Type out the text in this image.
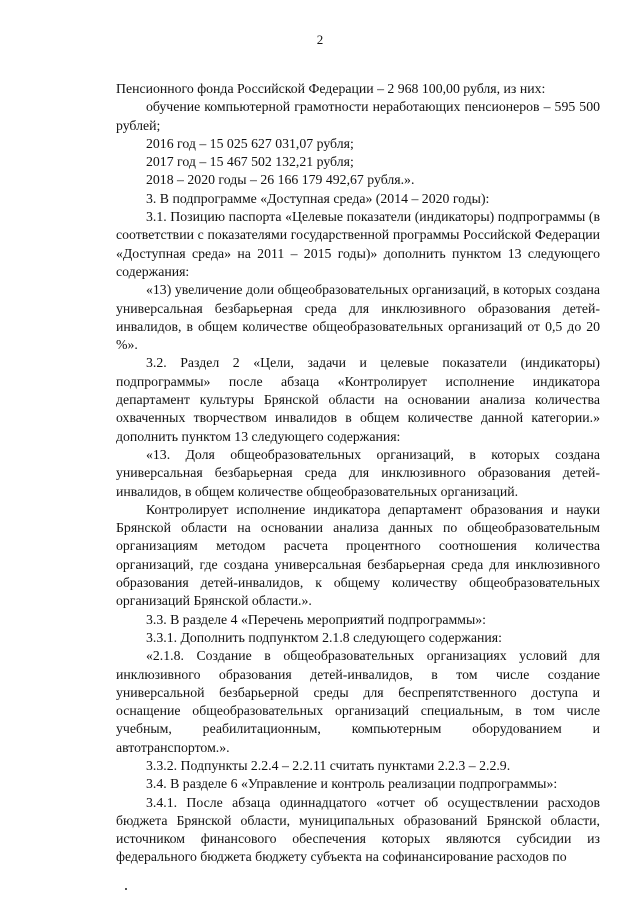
2

Пенсионного фонда Российской Федерации – 2 968 100,00 рубля, из них:

обучение компьютерной грамотности неработающих пенсионеров – 595 500 рублей;

2016 год – 15 025 627 031,07 рубля;

2017 год – 15 467 502 132,21 рубля;

2018 – 2020 годы – 26 166 179 492,67 рубля.».

3. В подпрограмме «Доступная среда» (2014 – 2020 годы):

3.1. Позицию паспорта «Целевые показатели (индикаторы) подпрограммы (в соответствии с показателями государственной программы Российской Федерации «Доступная среда» на 2011 – 2015 годы)» дополнить пунктом 13 следующего содержания:

«13) увеличение доли общеобразовательных организаций, в которых создана универсальная безбарьерная среда для инклюзивного образования детей-инвалидов, в общем количестве общеобразовательных организаций от 0,5 до 20 %».

3.2. Раздел 2 «Цели, задачи и целевые показатели (индикаторы) подпрограммы» после абзаца «Контролирует исполнение индикатора департамент культуры Брянской области на основании анализа количества охваченных творчеством инвалидов в общем количестве данной категории.» дополнить пунктом 13 следующего содержания:

«13. Доля общеобразовательных организаций, в которых создана универсальная безбарьерная среда для инклюзивного образования детей-инвалидов, в общем количестве общеобразовательных организаций.

Контролирует исполнение индикатора департамент образования и науки Брянской области на основании анализа данных по общеобразовательным организациям методом расчета процентного соотношения количества организаций, где создана универсальная безбарьерная среда для инклюзивного образования детей-инвалидов, к общему количеству общеобразовательных организаций Брянской области.».

3.3. В разделе 4 «Перечень мероприятий подпрограммы»:

3.3.1. Дополнить подпунктом 2.1.8 следующего содержания:

«2.1.8. Создание в общеобразовательных организациях условий для инклюзивного образования детей-инвалидов, в том числе создание универсальной безбарьерной среды для беспрепятственного доступа и оснащение общеобразовательных организаций специальным, в том числе учебным, реабилитационным, компьютерным оборудованием и автотранспортом.».

3.3.2. Подпункты 2.2.4 – 2.2.11 считать пунктами 2.2.3 – 2.2.9.

3.4. В разделе 6 «Управление и контроль реализации подпрограммы»:

3.4.1. После абзаца одиннадцатого «отчет об осуществлении расходов бюджета Брянской области, муниципальных образований Брянской области, источником финансового обеспечения которых являются субсидии из федерального бюджета бюджету субъекта на софинансирование расходов по
